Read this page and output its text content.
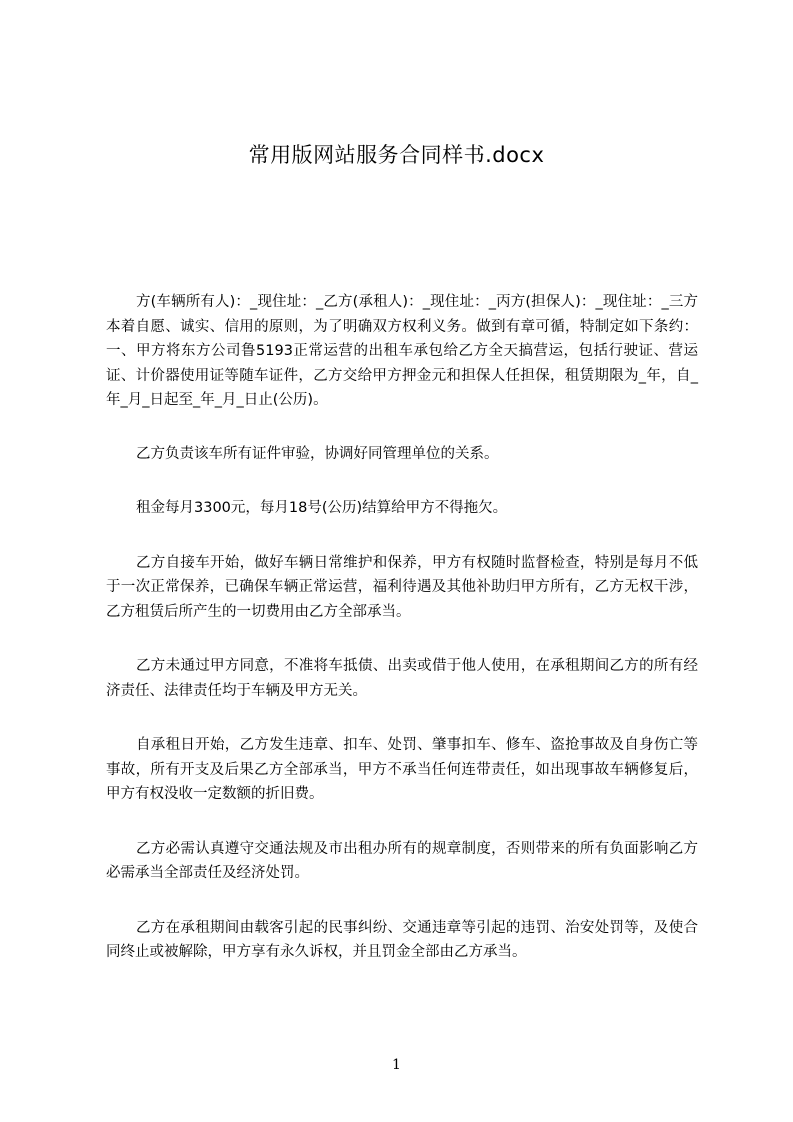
常用版网站服务合同样书.docx

方(车辆所有人)：_现住址：_乙方(承租人)：_现住址：_丙方(担保人)：_现住址：_三方本着自愿、诚实、信用的原则，为了明确双方权利义务。做到有章可循，特制定如下条约：一、甲方将东方公司鲁5193正常运营的出租车承包给乙方全天搞营运，包括行驶证、营运证、计价器使用证等随车证件，乙方交给甲方押金元和担保人任担保，租赁期限为_年，自_年_月_日起至_年_月_日止(公历)。

乙方负责该车所有证件审验，协调好同管理单位的关系。

租金每月3300元，每月18号(公历)结算给甲方不得拖欠。

乙方自接车开始，做好车辆日常维护和保养，甲方有权随时监督检查，特别是每月不低于一次正常保养，已确保车辆正常运营，福利待遇及其他补助归甲方所有，乙方无权干涉，乙方租赁后所产生的一切费用由乙方全部承当。

乙方未通过甲方同意，不准将车抵债、出卖或借于他人使用，在承租期间乙方的所有经济责任、法律责任均于车辆及甲方无关。

自承租日开始，乙方发生违章、扣车、处罚、肇事扣车、修车、盗抢事故及自身伤亡等事故，所有开支及后果乙方全部承当，甲方不承当任何连带责任，如出现事故车辆修复后，甲方有权没收一定数额的折旧费。

乙方必需认真遵守交通法规及市出租办所有的规章制度，否则带来的所有负面影响乙方必需承当全部责任及经济处罚。

乙方在承租期间由载客引起的民事纠纷、交通违章等引起的违罚、治安处罚等，及使合同终止或被解除，甲方享有永久诉权，并且罚金全部由乙方承当。

1
